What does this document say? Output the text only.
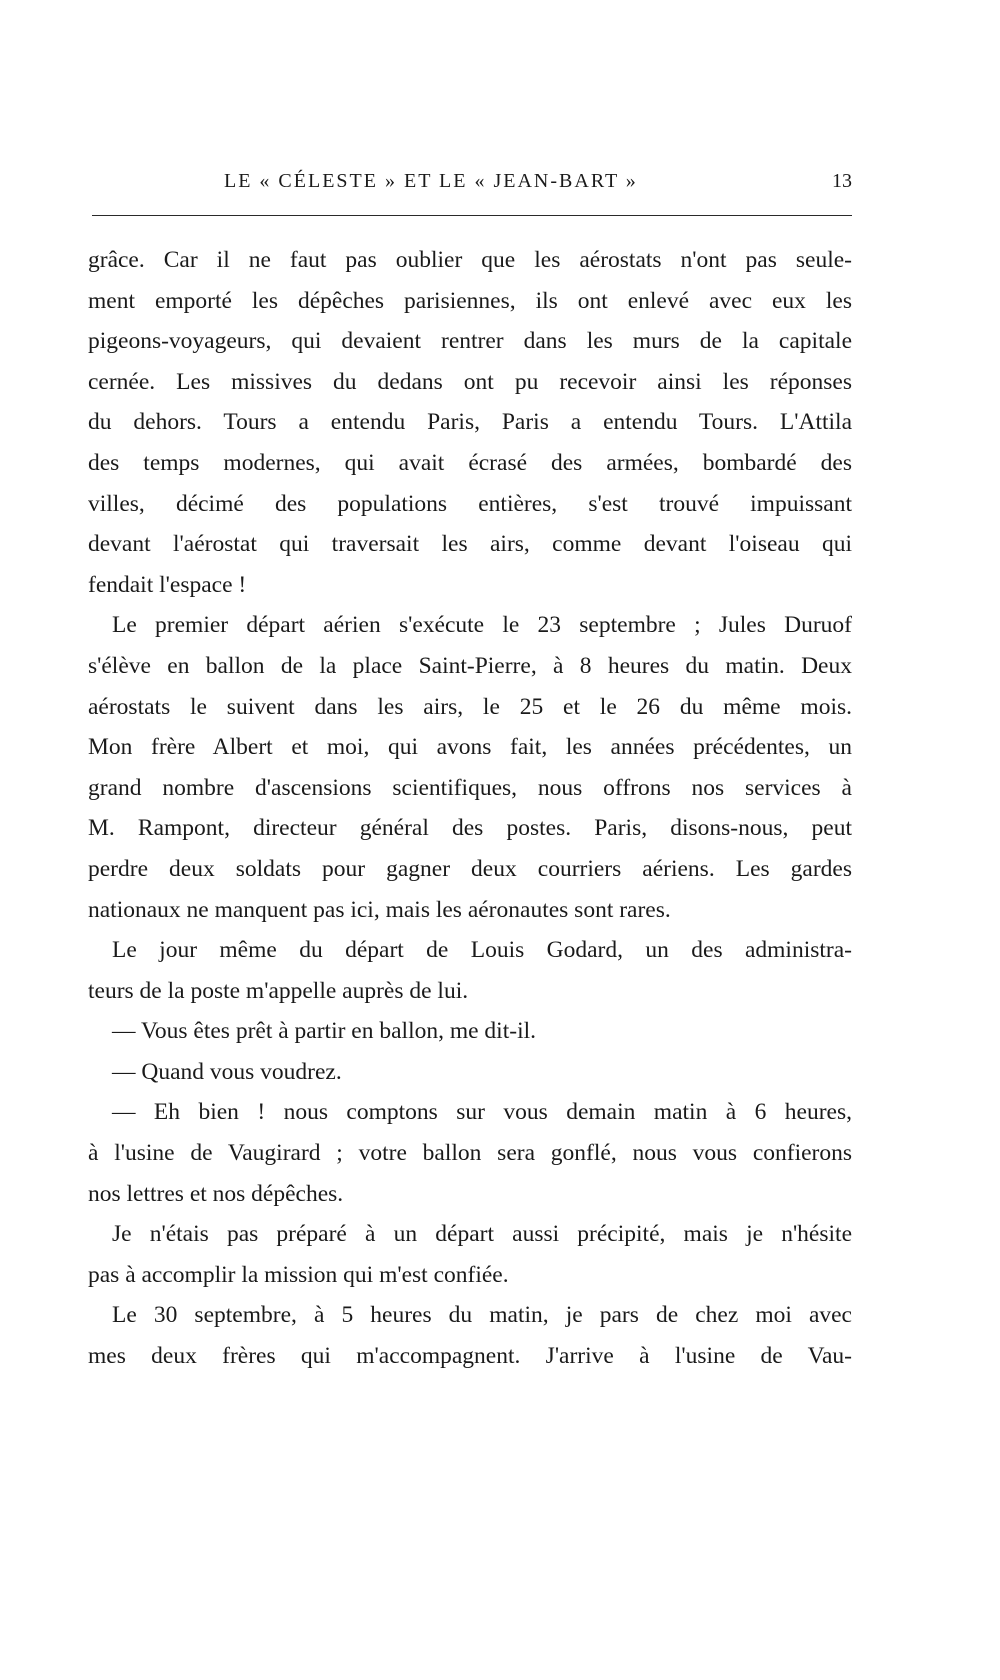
LE « CÉLESTE » ET LE « JEAN-BART »	13
grâce. Car il ne faut pas oublier que les aérostats n'ont pas seule-
ment emporté les dépêches parisiennes, ils ont enlevé avec eux les
pigeons-voyageurs, qui devaient rentrer dans les murs de la capitale
cernée. Les missives du dedans ont pu recevoir ainsi les réponses
du dehors. Tours a entendu Paris, Paris a entendu Tours. L'Attila
des temps modernes, qui avait écrasé des armées, bombardé des
villes, décimé des populations entières, s'est trouvé impuissant
devant l'aérostat qui traversait les airs, comme devant l'oiseau qui
fendait l'espace !
Le premier départ aérien s'exécute le 23 septembre ; Jules Duruof
s'élève en ballon de la place Saint-Pierre, à 8 heures du matin. Deux
aérostats le suivent dans les airs, le 25 et le 26 du même mois.
Mon frère Albert et moi, qui avons fait, les années précédentes, un
grand nombre d'ascensions scientifiques, nous offrons nos services à
M. Rampont, directeur général des postes. Paris, disons-nous, peut
perdre deux soldats pour gagner deux courriers aériens. Les gardes
nationaux ne manquent pas ici, mais les aéronautes sont rares.
Le jour même du départ de Louis Godard, un des administra-
teurs de la poste m'appelle auprès de lui.
— Vous êtes prêt à partir en ballon, me dit-il.
— Quand vous voudrez.
— Eh bien ! nous comptons sur vous demain matin à 6 heures,
à l'usine de Vaugirard ; votre ballon sera gonflé, nous vous confierons
nos lettres et nos dépêches.
Je n'étais pas préparé à un départ aussi précipité, mais je n'hésite
pas à accomplir la mission qui m'est confiée.
Le 30 septembre, à 5 heures du matin, je pars de chez moi avec
mes deux frères qui m'accompagnent. J'arrive à l'usine de Vau-
